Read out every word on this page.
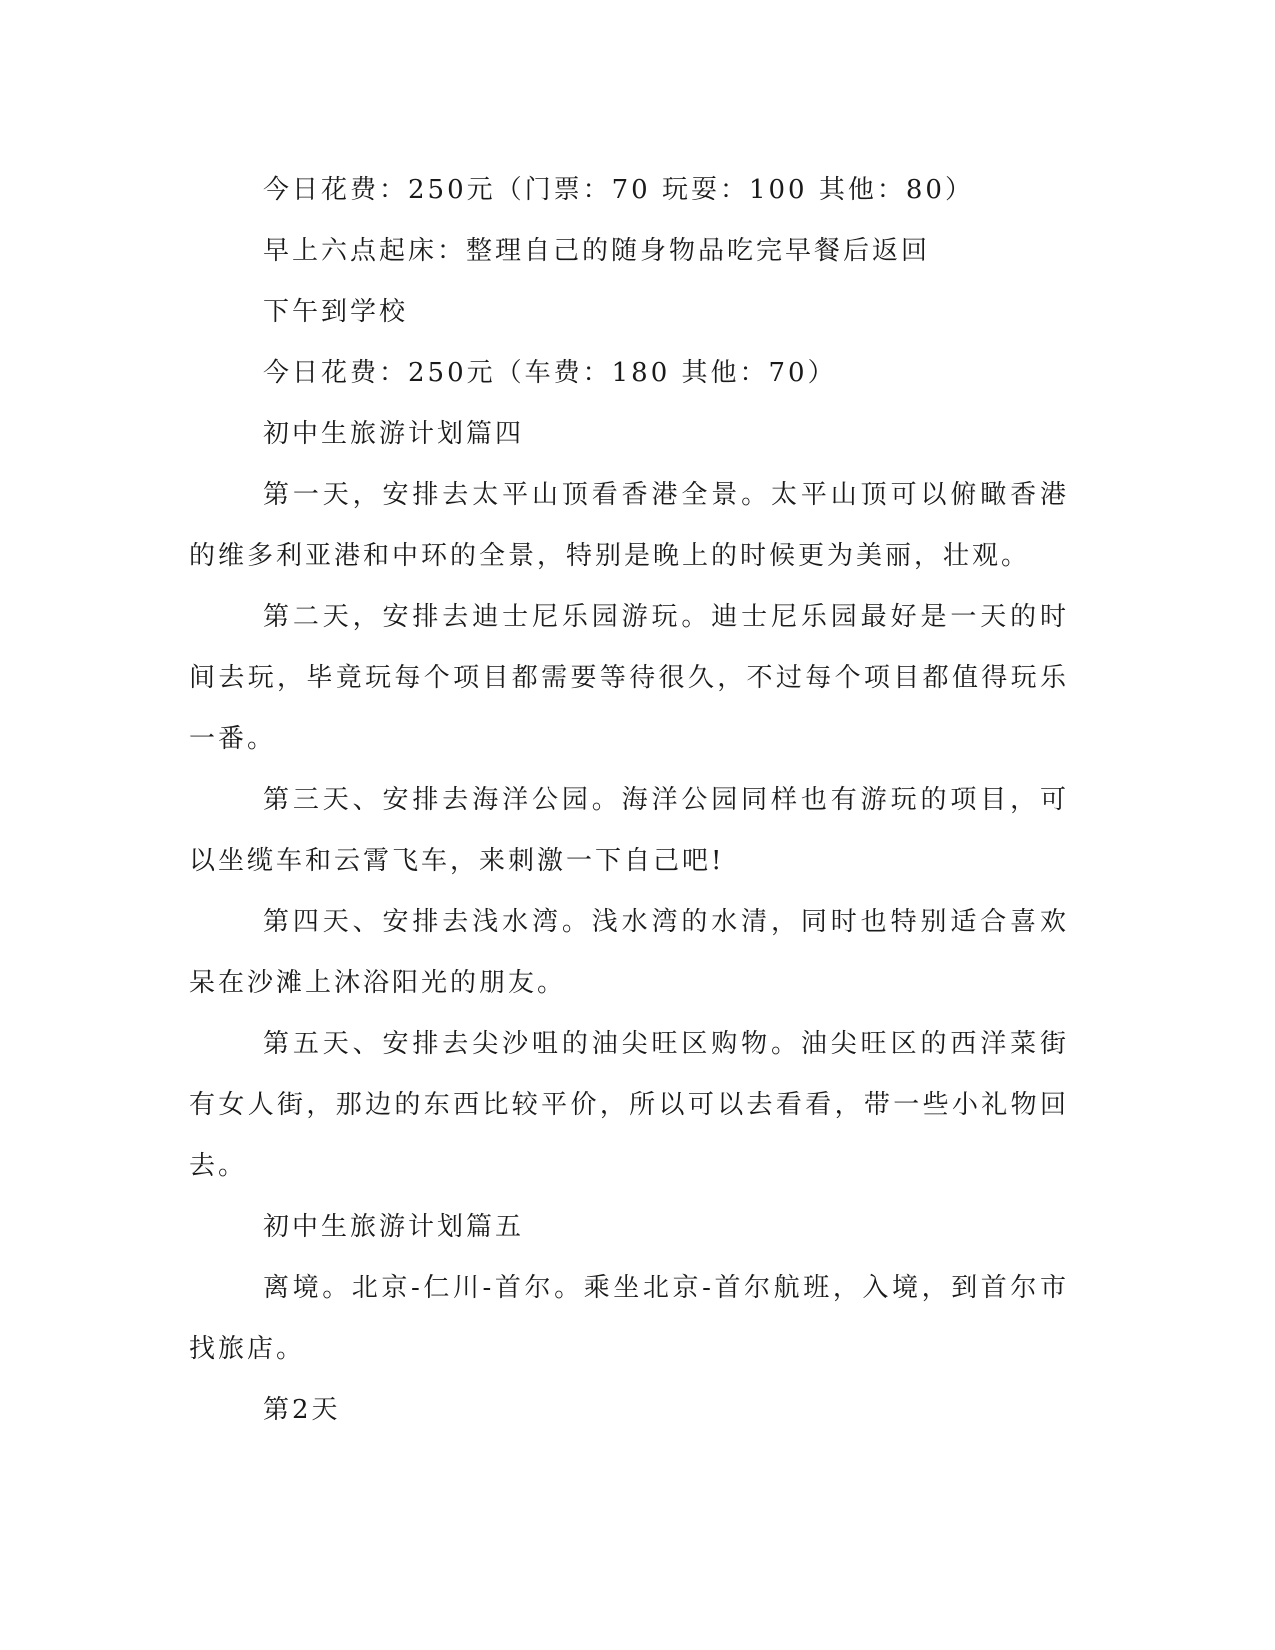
今日花费：250元（门票：70 玩耍：100 其他：80）

早上六点起床：整理自己的随身物品吃完早餐后返回

下午到学校

今日花费：250元（车费：180 其他：70）

初中生旅游计划篇四

第一天，安排去太平山顶看香港全景。太平山顶可以俯瞰香港的维多利亚港和中环的全景，特别是晚上的时候更为美丽，壮观。

第二天，安排去迪士尼乐园游玩。迪士尼乐园最好是一天的时间去玩，毕竟玩每个项目都需要等待很久，不过每个项目都值得玩乐一番。

第三天、安排去海洋公园。海洋公园同样也有游玩的项目，可以坐缆车和云霄飞车，来刺激一下自己吧!

第四天、安排去浅水湾。浅水湾的水清，同时也特别适合喜欢呆在沙滩上沐浴阳光的朋友。

第五天、安排去尖沙咀的油尖旺区购物。油尖旺区的西洋菜街有女人街，那边的东西比较平价，所以可以去看看，带一些小礼物回去。

初中生旅游计划篇五

离境。北京-仁川-首尔。乘坐北京-首尔航班，入境，到首尔市找旅店。

第2天
